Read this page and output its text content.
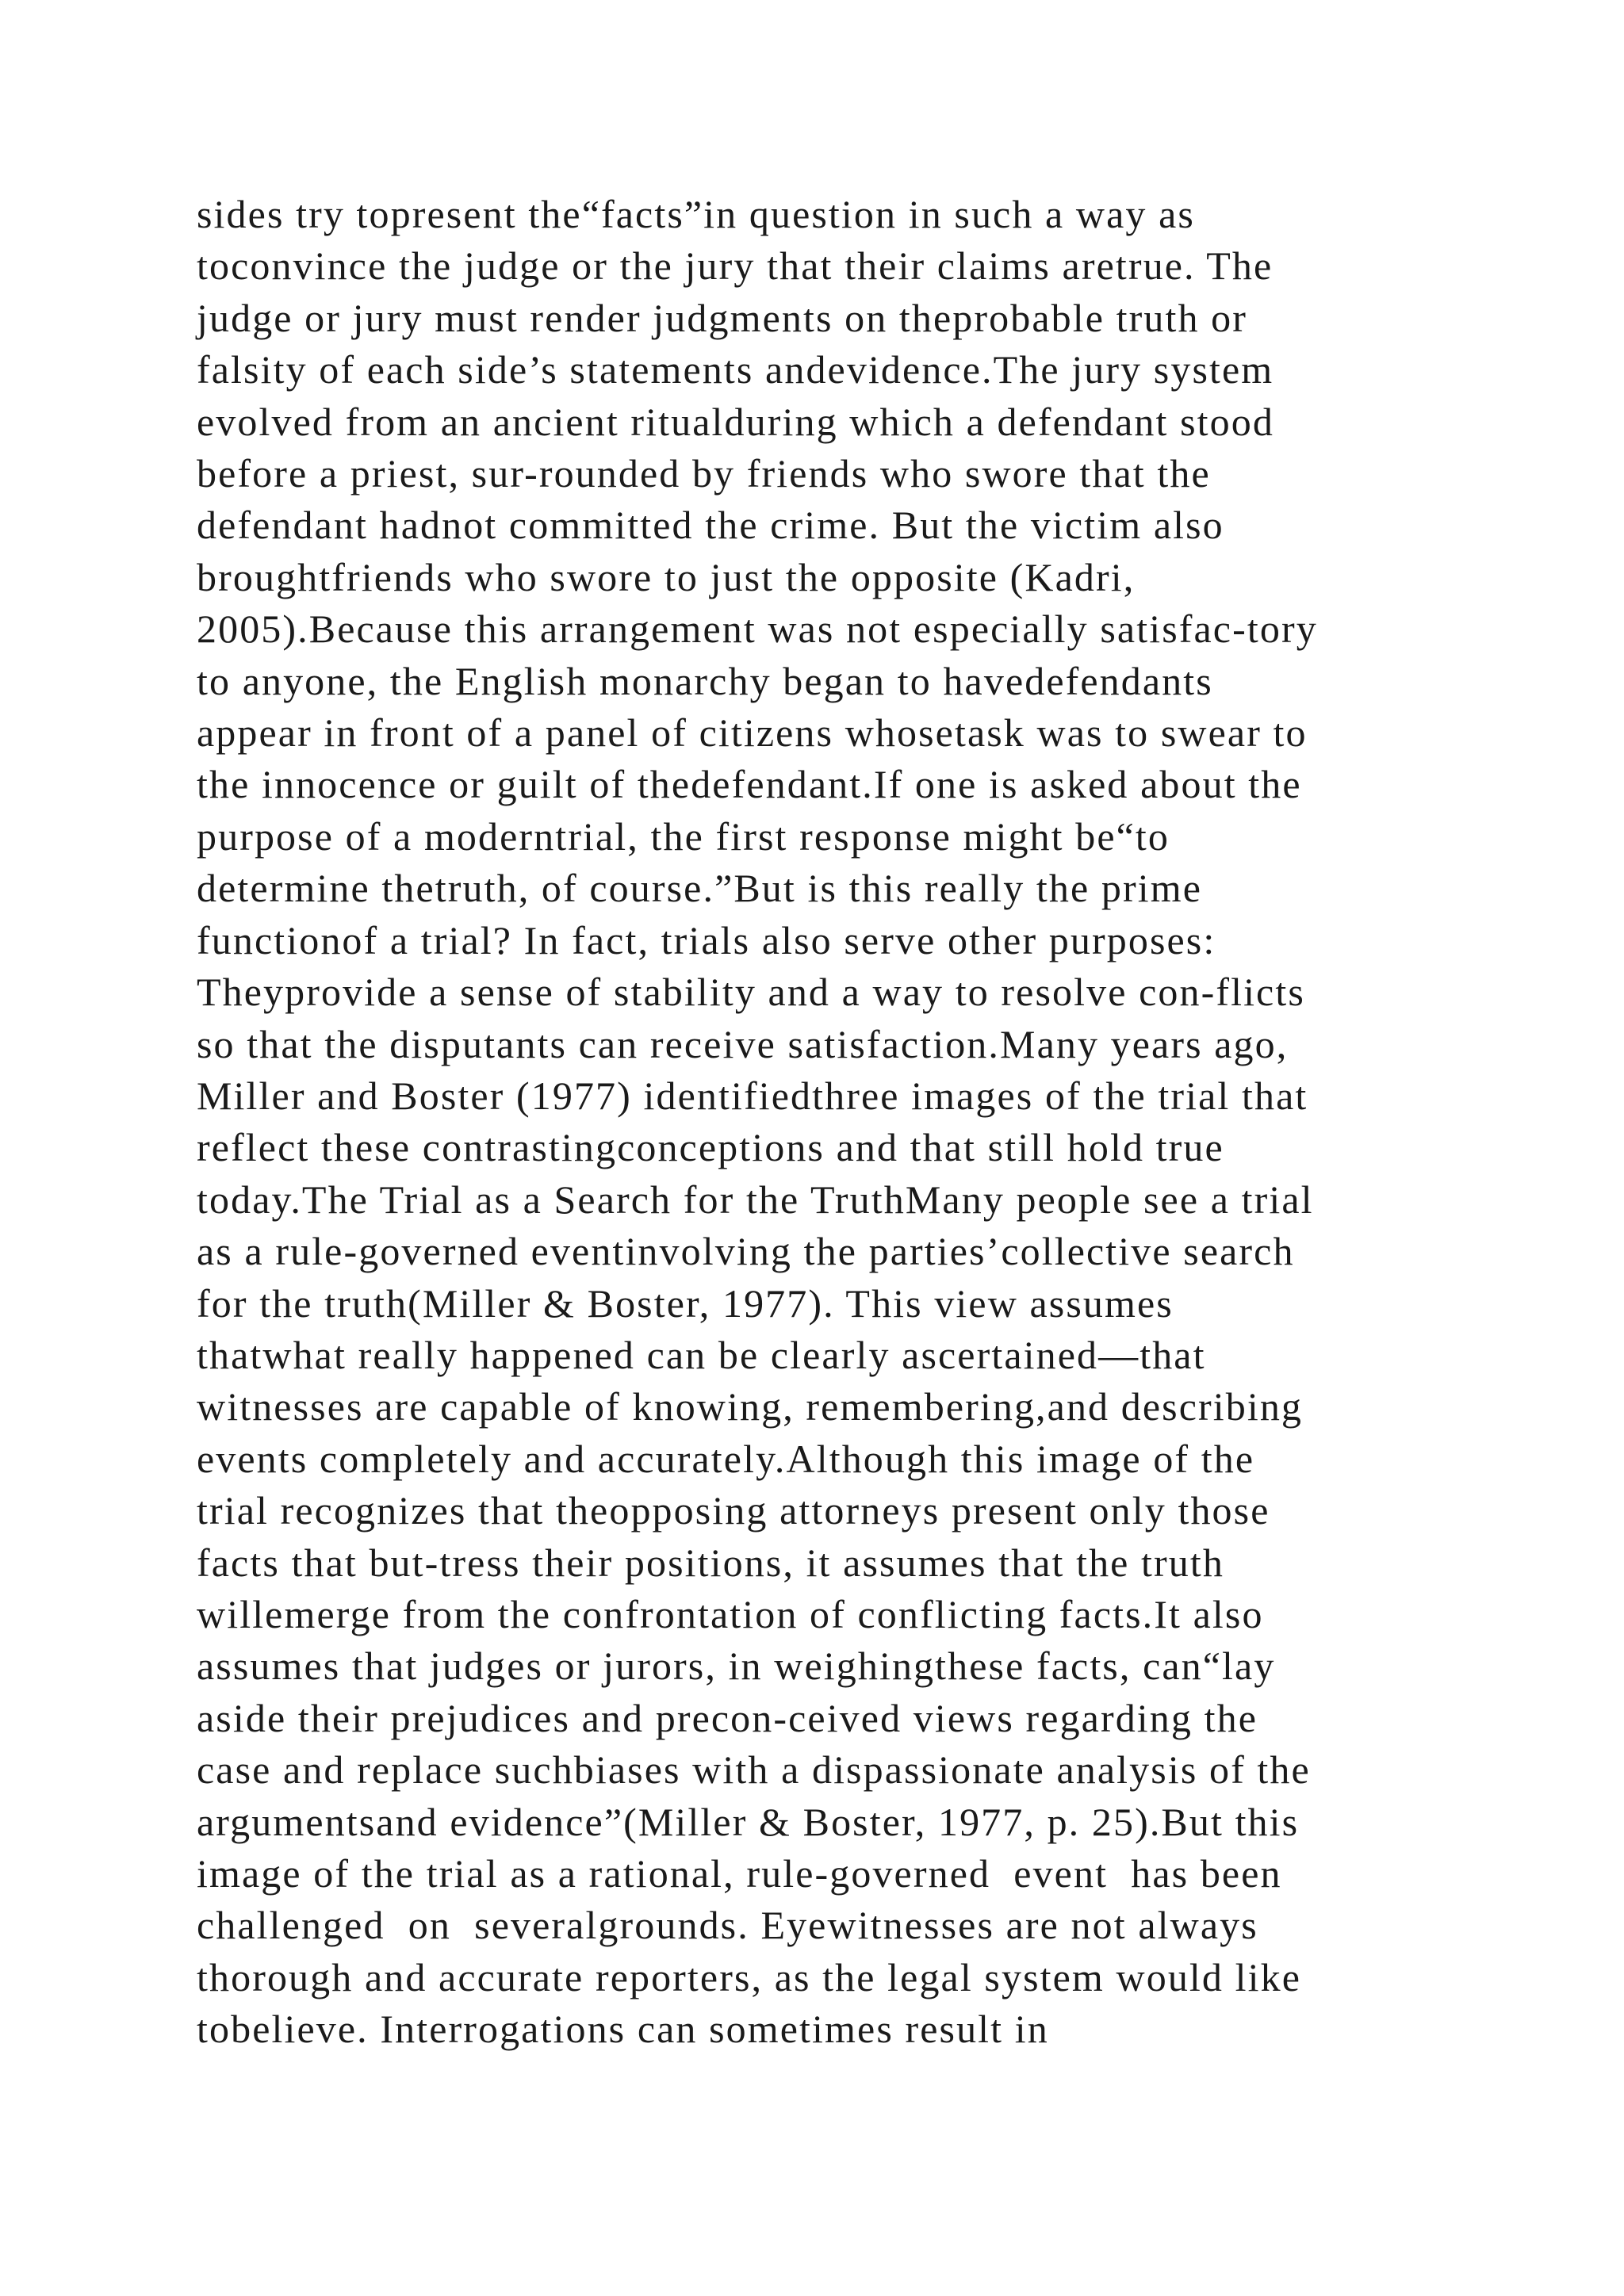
sides try topresent the“facts”in question in such a way as
toconvince the judge or the jury that their claims aretrue. The
judge or jury must render judgments on theprobable truth or
falsity of each side’s statements andevidence.The jury system
evolved from an ancient ritualduring which a defendant stood
before a priest, sur-rounded by friends who swore that the
defendant hadnot committed the crime. But the victim also
broughtfriends who swore to just the opposite (Kadri,
2005).Because this arrangement was not especially satisfac-tory
to anyone, the English monarchy began to havedefendants
appear in front of a panel of citizens whosetask was to swear to
the innocence or guilt of thedefendant.If one is asked about the
purpose of a moderntrial, the first response might be“to
determine thetruth, of course.”But is this really the prime
functionof a trial? In fact, trials also serve other purposes:
Theyprovide a sense of stability and a way to resolve con-flicts
so that the disputants can receive satisfaction.Many years ago,
Miller and Boster (1977) identifiedthree images of the trial that
reflect these contrastingconceptions and that still hold true
today.The Trial as a Search for the TruthMany people see a trial
as a rule-governed eventinvolving the parties’collective search
for the truth(Miller & Boster, 1977). This view assumes
thatwhat really happened can be clearly ascertained—that
witnesses are capable of knowing, remembering,and describing
events completely and accurately.Although this image of the
trial recognizes that theopposing attorneys present only those
facts that but-tress their positions, it assumes that the truth
willemerge from the confrontation of conflicting facts.It also
assumes that judges or jurors, in weighingthese facts, can“lay
aside their prejudices and precon-ceived views regarding the
case and replace suchbiases with a dispassionate analysis of the
argumentsand evidence”(Miller & Boster, 1977, p. 25).But this
image of the trial as a rational, rule-governed  event  has been
challenged  on  severalgrounds. Eyewitnesses are not always
thorough and accurate reporters, as the legal system would like
tobelieve. Interrogations can sometimes result in
